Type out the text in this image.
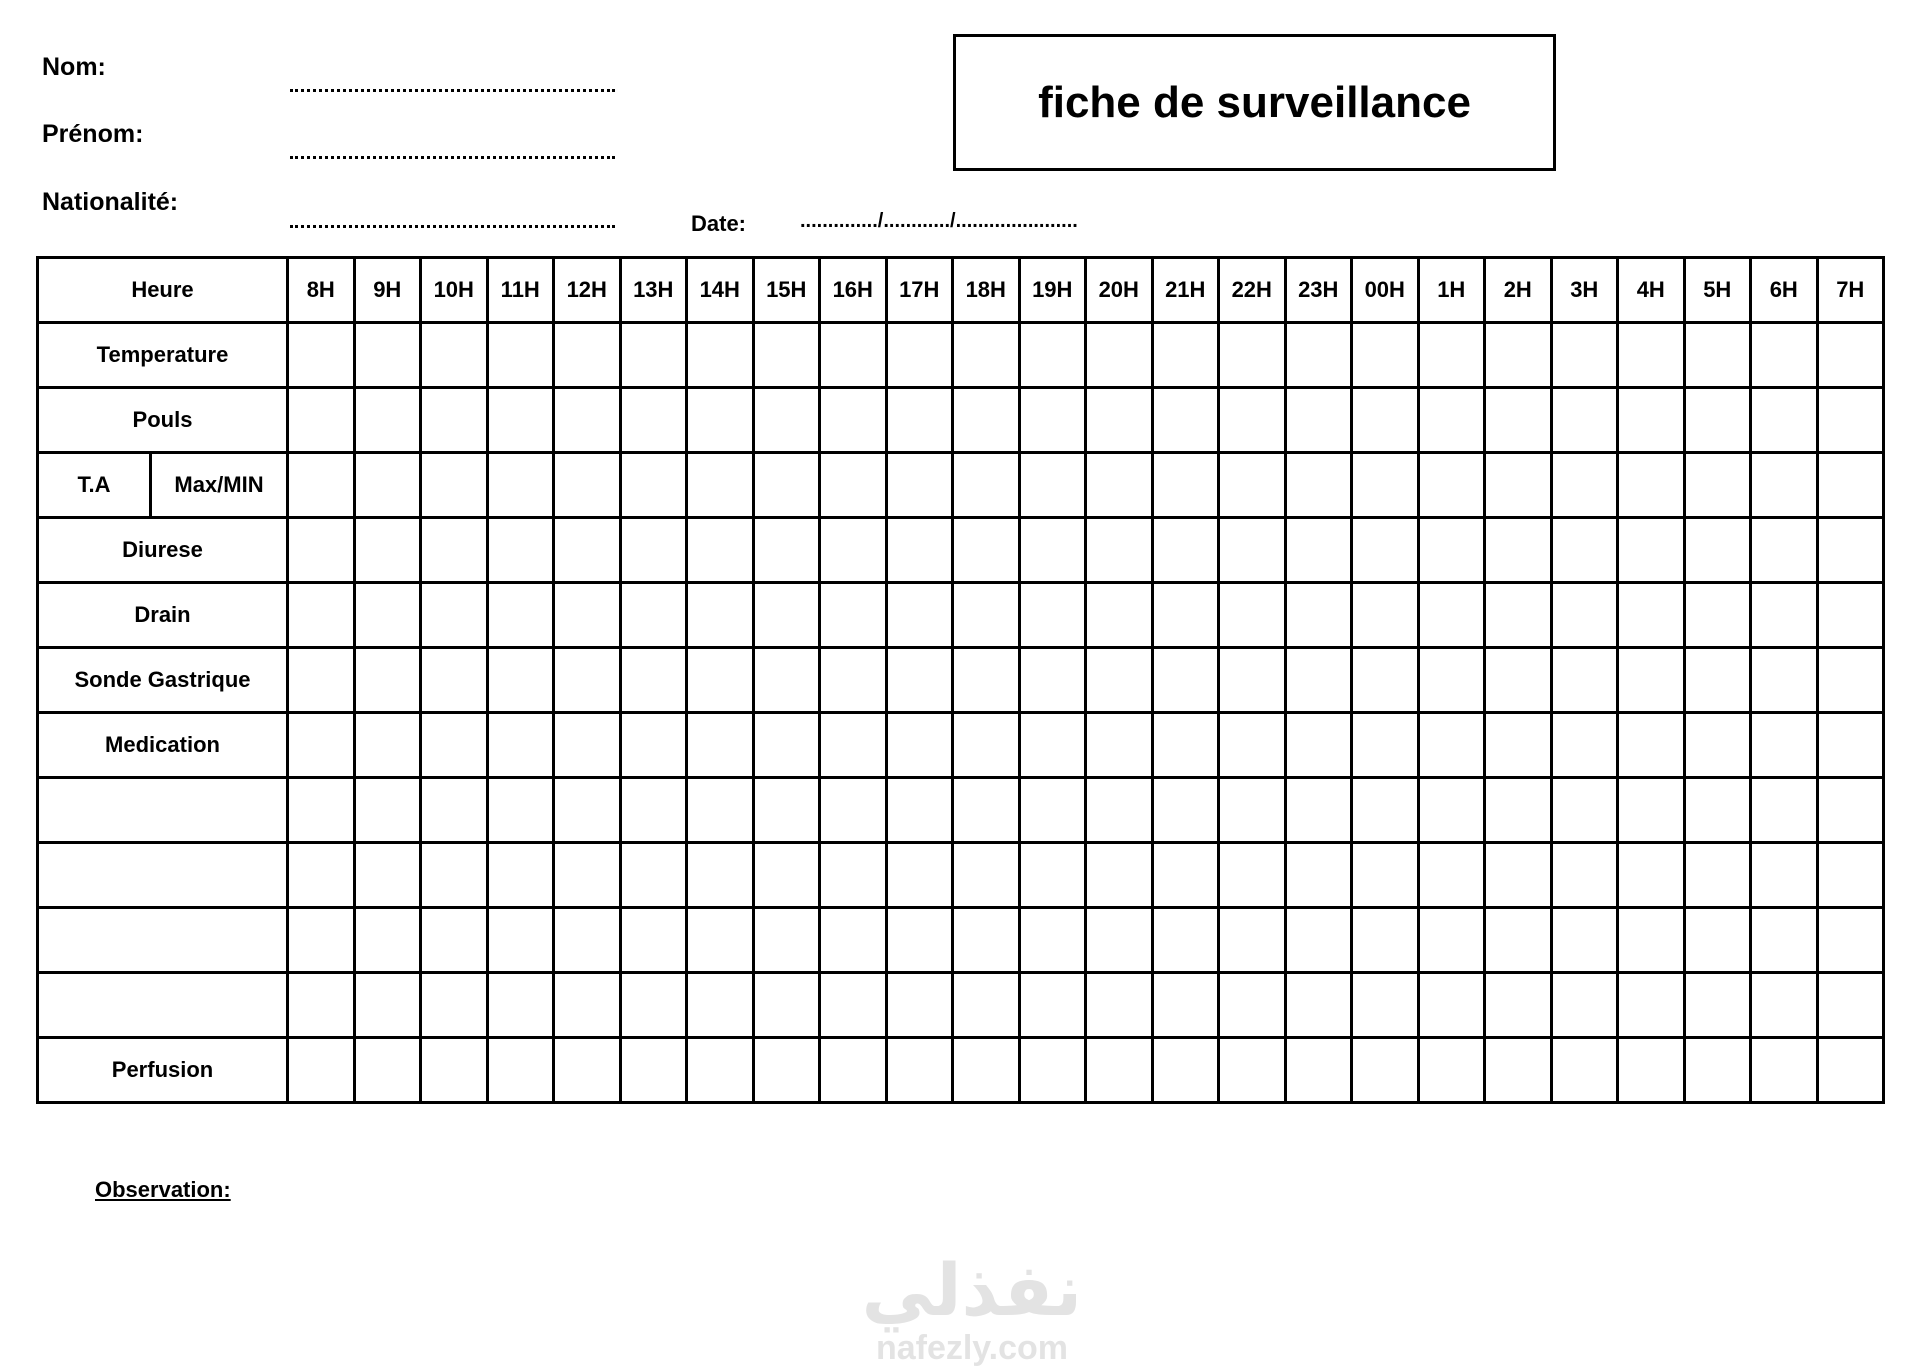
Nom:
Prénom:
Nationalité:
fiche de surveillance
Date:	............../............/......................
Heure		8H	9H	10H	11H	12H	13H	14H	15H	16H	17H	18H	19H	20H	21H	22H	23H	00H	1H	2H	3H	4H	5H	6H	7H
Temperature																									
Pouls																									
T.A	Max/MIN																								
Diurese																									
Drain																									
Sonde Gastrique																									
Medication																									

Perfusion																									
Observation:
نفذلي
nafezly.com
